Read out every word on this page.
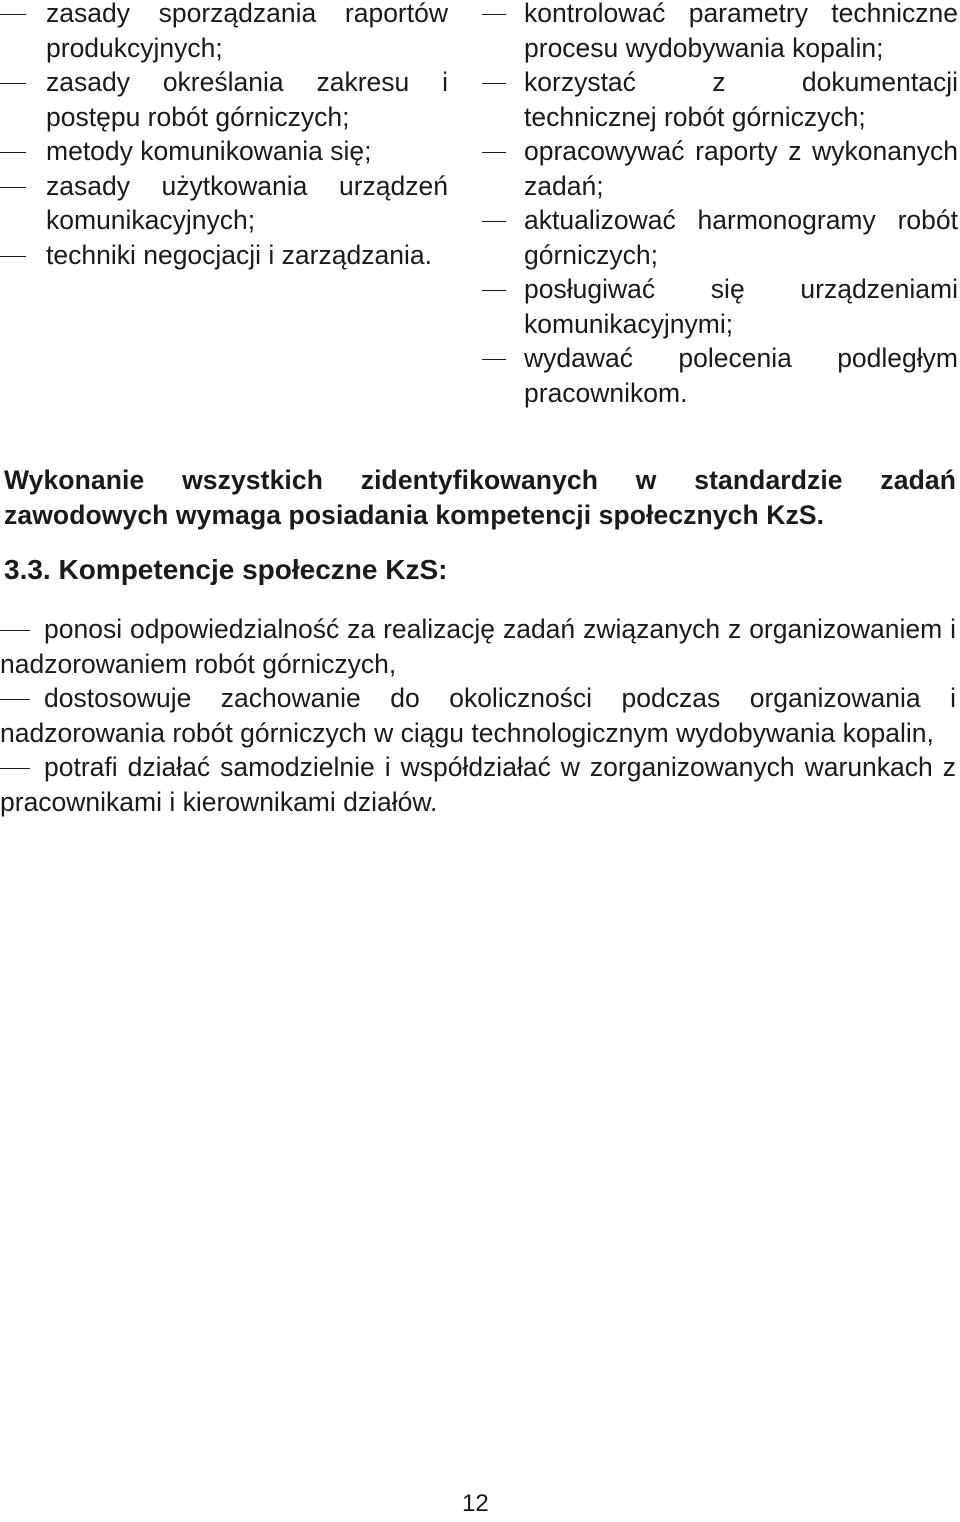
zasady sporządzania raportów produkcyjnych;
zasady określania zakresu i postępu robót górniczych;
metody komunikowania się;
zasady użytkowania urządzeń komunikacyjnych;
techniki negocjacji i zarządzania.
kontrolować parametry techniczne procesu wydobywania kopalin;
korzystać z dokumentacji technicznej robót górniczych;
opracowywać raporty z wykonanych zadań;
aktualizować harmonogramy robót górniczych;
posługiwać się urządzeniami komunikacyjnymi;
wydawać polecenia podległym pracownikom.

Wykonanie wszystkich zidentyfikowanych w standardzie zadań zawodowych wymaga posiadania kompetencji społecznych KzS.

3.3. Kompetencje społeczne KzS:
ponosi odpowiedzialność za realizację zadań związanych z organizowaniem i nadzorowaniem robót górniczych,
dostosowuje zachowanie do okoliczności podczas organizowania i nadzorowania robót górniczych w ciągu technologicznym wydobywania kopalin,
potrafi działać samodzielnie i współdziałać w zorganizowanych warunkach z pracownikami i kierownikami działów.
12
